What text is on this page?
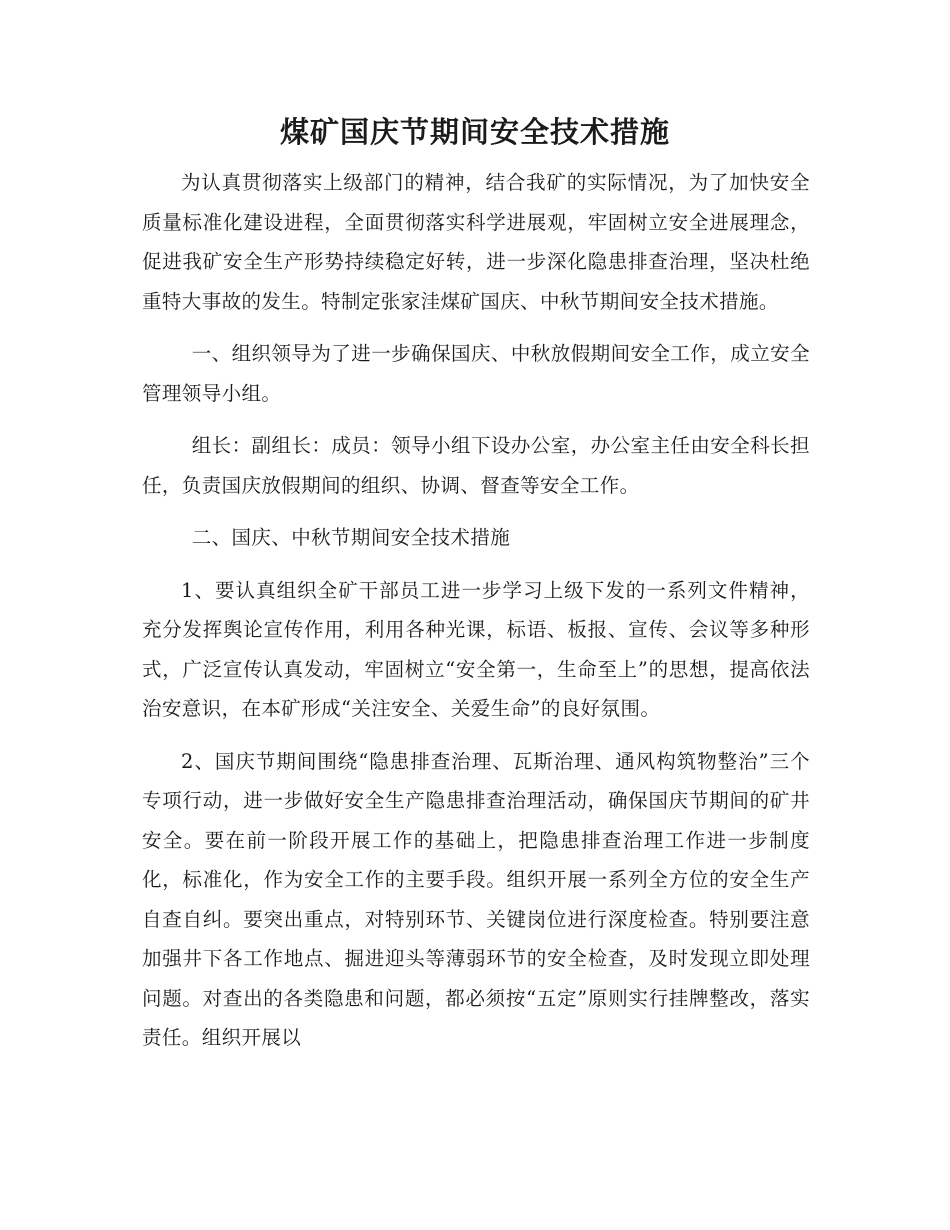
煤矿国庆节期间安全技术措施

为认真贯彻落实上级部门的精神，结合我矿的实际情况，为了加快安全质量标准化建设进程，全面贯彻落实科学进展观，牢固树立安全进展理念，促进我矿安全生产形势持续稳定好转，进一步深化隐患排查治理，坚决杜绝重特大事故的发生。特制定张家洼煤矿国庆、中秋节期间安全技术措施。

一、组织领导为了进一步确保国庆、中秋放假期间安全工作，成立安全管理领导小组。

组长：副组长：成员：领导小组下设办公室，办公室主任由安全科长担任，负责国庆放假期间的组织、协调、督查等安全工作。

二、国庆、中秋节期间安全技术措施

1、要认真组织全矿干部员工进一步学习上级下发的一系列文件精神，充分发挥舆论宣传作用，利用各种光课，标语、板报、宣传、会议等多种形式，广泛宣传认真发动，牢固树立“安全第一，生命至上”的思想，提高依法治安意识，在本矿形成“关注安全、关爱生命”的良好氛围。

2、国庆节期间围绕“隐患排查治理、瓦斯治理、通风构筑物整治”三个专项行动，进一步做好安全生产隐患排查治理活动，确保国庆节期间的矿井安全。要在前一阶段开展工作的基础上，把隐患排查治理工作进一步制度化，标准化，作为安全工作的主要手段。组织开展一系列全方位的安全生产自查自纠。要突出重点，对特别环节、关键岗位进行深度检查。特别要注意加强井下各工作地点、掘进迎头等薄弱环节的安全检查，及时发现立即处理问题。对查出的各类隐患和问题，都必须按“五定”原则实行挂牌整改，落实责任。组织开展以
